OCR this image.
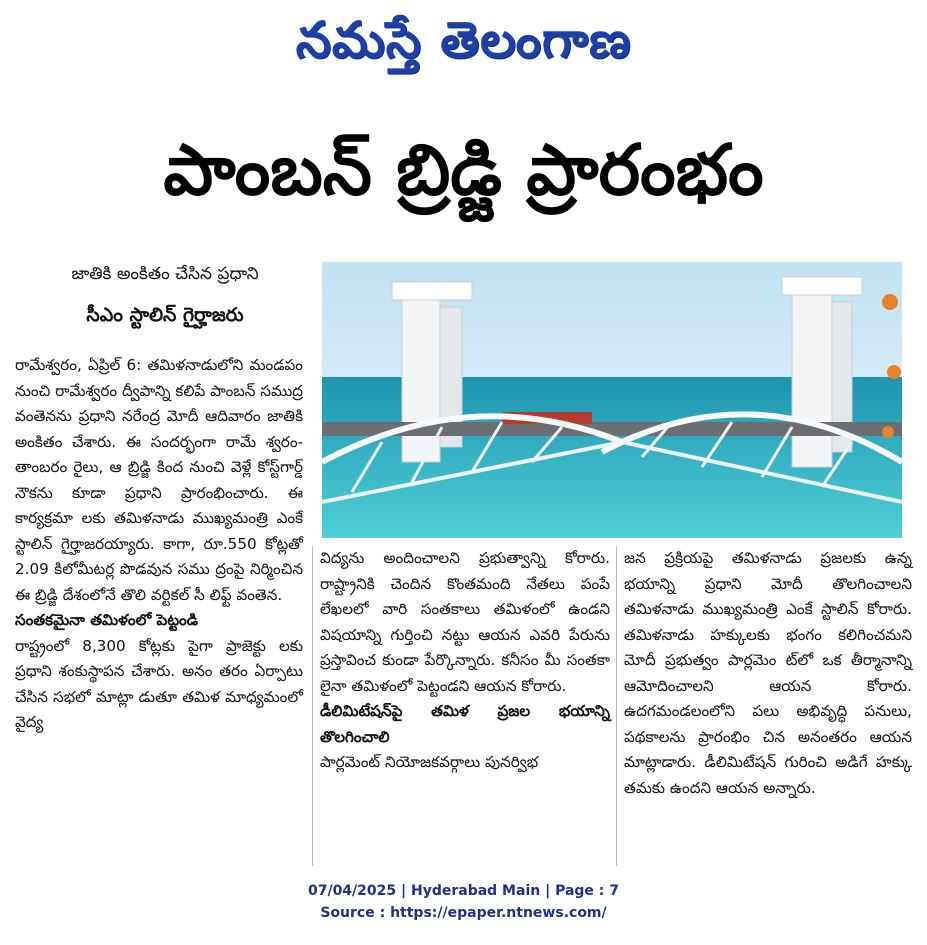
నమస్తే తెలంగాణ
పాంబన్ బ్రిడ్జి ప్రారంభం
జాతికి అంకితం చేసిన ప్రధాని
సీఎం స్టాలిన్ గైర్హాజరు

రామేశ్వరం, ఏప్రిల్ 6: తమిళనాడులోని మండపం నుంచి రామేశ్వరం ద్వీపాన్ని కలిపే పాంబన్ సముద్ర వంతెనను ప్రధాని నరేంద్ర మోదీ ఆదివారం జాతికి అంకితం చేశారు. ఈ సందర్భంగా రామే శ్వరం-తాంబరం రైలు, ఆ బ్రిడ్జి కింద నుంచి వెళ్లే కోస్ట్‌గార్డ్ నౌకను కూడా ప్రధాని ప్రారంభించారు. ఈ కార్యక్రమా లకు తమిళనాడు ముఖ్యమంత్రి ఎంకే స్టాలిన్ గైర్హాజరయ్యారు. కాగా, రూ.550 కోట్లతో 2.09 కిలోమీటర్ల పొడవున సము ద్రంపై నిర్మించిన ఈ బ్రిడ్జి దేశంలోనే తొలి వర్టికల్ సీ లిఫ్ట్ వంతెన.

సంతకమైనా తమిళంలో పెట్టండి

రాష్ట్రంలో 8,300 కోట్లకు పైగా ప్రాజెక్టు లకు ప్రధాని శంకుస్థాపన చేశారు. అనం తరం ఏర్పాటు చేసిన సభలో మాట్లా డుతూ తమిళ మాధ్యమంలో వైద్య

విద్యను అందించాలని ప్రభుత్వాన్ని కోరారు. రాష్ట్రానికి చెందిన కొంతమంది నేతలు పంపే లేఖలలో వారి సంతకాలు తమిళంలో ఉండని విషయాన్ని గుర్తించి నట్టు ఆయన ఎవరి పేరును ప్రస్తావించ కుండా పేర్కొన్నారు. కనీసం మీ సంతకా లైనా తమిళంలో పెట్టండని ఆయన కోరారు.

డీలిమిటేషన్‌పై తమిళ ప్రజల భయాన్ని తొలగించాలి

పార్లమెంట్ నియోజకవర్గాలు పునర్విభ

జన ప్రక్రియపై తమిళనాడు ప్రజలకు ఉన్న భయాన్ని ప్రధాని మోదీ తొలగించాలని తమిళనాడు ముఖ్యమంత్రి ఎంకే స్టాలిన్ కోరారు. తమిళనాడు హక్కులకు భంగం కలిగించమని మోదీ ప్రభుత్వం పార్లమెం ట్‌లో ఒక తీర్మానాన్ని ఆమోదించాలని ఆయన కోరారు. ఉదగమండలంలోని పలు అభివృద్ధి పనులు, పథకాలను ప్రారంభిం చిన అనంతరం ఆయన మాట్లాడారు. డీలిమిటేషన్ గురించి అడిగే హక్కు తమకు ఉందని ఆయన అన్నారు.

07/04/2025 | Hyderabad Main | Page : 7
Source : https://epaper.ntnews.com/
